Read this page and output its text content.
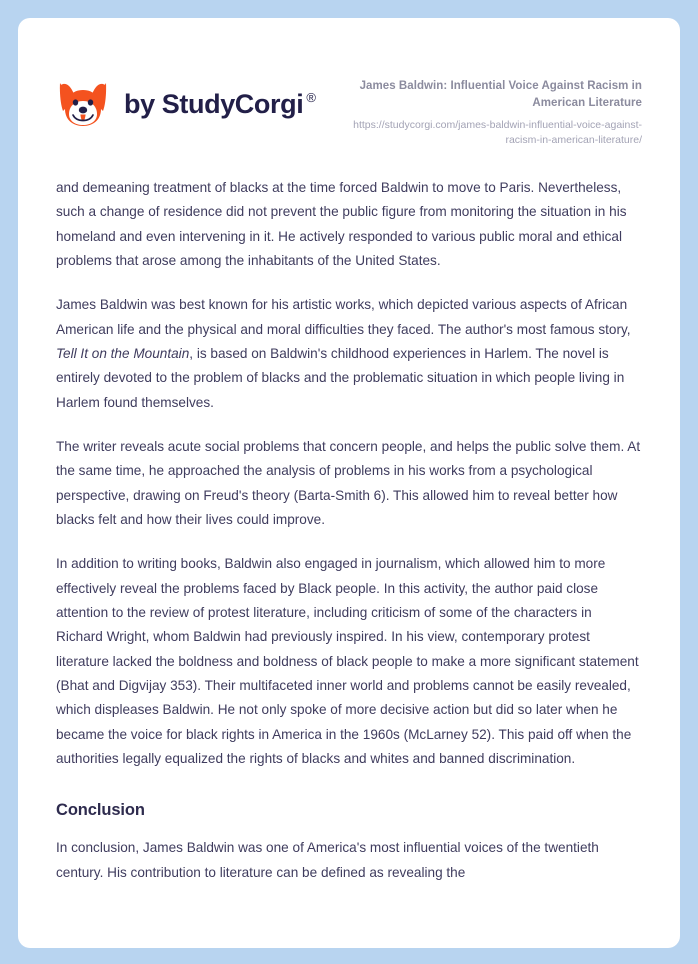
by StudyCorgi ®
James Baldwin: Influential Voice Against Racism in American Literature
https://studycorgi.com/james-baldwin-influential-voice-against-racism-in-american-literature/

and demeaning treatment of blacks at the time forced Baldwin to move to Paris. Nevertheless, such a change of residence did not prevent the public figure from monitoring the situation in his homeland and even intervening in it. He actively responded to various public moral and ethical problems that arose among the inhabitants of the United States.

James Baldwin was best known for his artistic works, which depicted various aspects of African American life and the physical and moral difficulties they faced. The author's most famous story, Tell It on the Mountain, is based on Baldwin's childhood experiences in Harlem. The novel is entirely devoted to the problem of blacks and the problematic situation in which people living in Harlem found themselves.

The writer reveals acute social problems that concern people, and helps the public solve them. At the same time, he approached the analysis of problems in his works from a psychological perspective, drawing on Freud's theory (Barta-Smith 6). This allowed him to reveal better how blacks felt and how their lives could improve.

In addition to writing books, Baldwin also engaged in journalism, which allowed him to more effectively reveal the problems faced by Black people. In this activity, the author paid close attention to the review of protest literature, including criticism of some of the characters in Richard Wright, whom Baldwin had previously inspired. In his view, contemporary protest literature lacked the boldness and boldness of black people to make a more significant statement (Bhat and Digvijay 353). Their multifaceted inner world and problems cannot be easily revealed, which displeases Baldwin. He not only spoke of more decisive action but did so later when he became the voice for black rights in America in the 1960s (McLarney 52). This paid off when the authorities legally equalized the rights of blacks and whites and banned discrimination.

Conclusion

In conclusion, James Baldwin was one of America's most influential voices of the twentieth century. His contribution to literature can be defined as revealing the
